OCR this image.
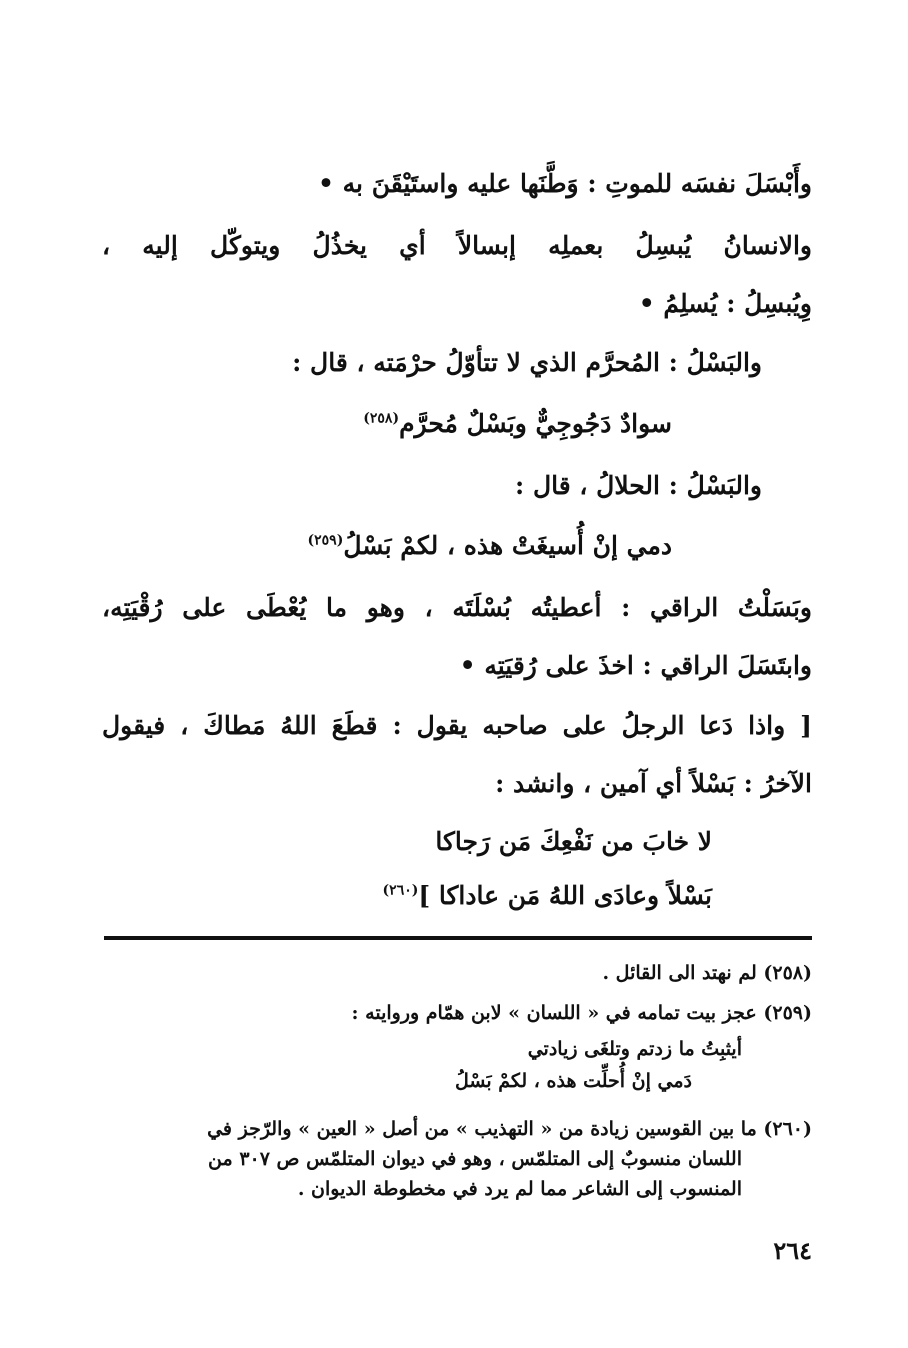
وأَبْسَلَ نفسَه للموتِ : وَطَّنَها عليه واستَيْقَنَ به •
والانسانُ يُبسِلُ بعملِه إبسالاً أي يخذُلُ ويتوكّل إليه ،
وِيُبسِلُ : يُسلِمُ •
والبَسْلُ : المُحرَّم الذي لا تتأوّلُ حرْمَته ، قال :
سوادٌ دَجُوجِيٌّ وبَسْلٌ مُحرَّم$^{(٢٥٨)}$
والبَسْلُ : الحلالُ ، قال :
دمي إنْ أُسيغَتْ هذه ، لكمْ بَسْلُ$^{(٢٥٩)}$
وبَسَلْتُ الراقي : أعطيتُه بُسْلَتَه ، وهو ما يُعْطَى على رُقْيَتِه،
وابتَسَلَ الراقي : اخذَ على رُقيَتِه •
[ واذا دَعا الرجلُ على صاحبه يقول : قطَعَ اللهُ مَطاكَ ، فيقول
الآخرُ : بَسْلاً أي آمين ، وانشد :
لا خابَ من نَفْعِكَ مَن رَجاكا
بَسْلاً وعادَى اللهُ مَن عاداكا ]$^{(٢٦٠)}$
(٢٥٨) لم نهتد الى القائل .
(٢٥٩) عجز بيت تمامه في « اللسان » لابن همّام وروايته :
أيثبِتُ ما زدتم وتلغَى زيادتي
دَمي إنْ أُحلِّت هذه ، لكمْ بَسْلُ
(٢٦٠) ما بين القوسين زيادة من « التهذيب » من أصل « العين » والرّجز في
اللسان منسوبٌ إلى المتلمّس ، وهو في ديوان المتلمّس ص ٣٠٧ من
المنسوب إلى الشاعر مما لم يرد في مخطوطة الديوان .
٢٦٤
